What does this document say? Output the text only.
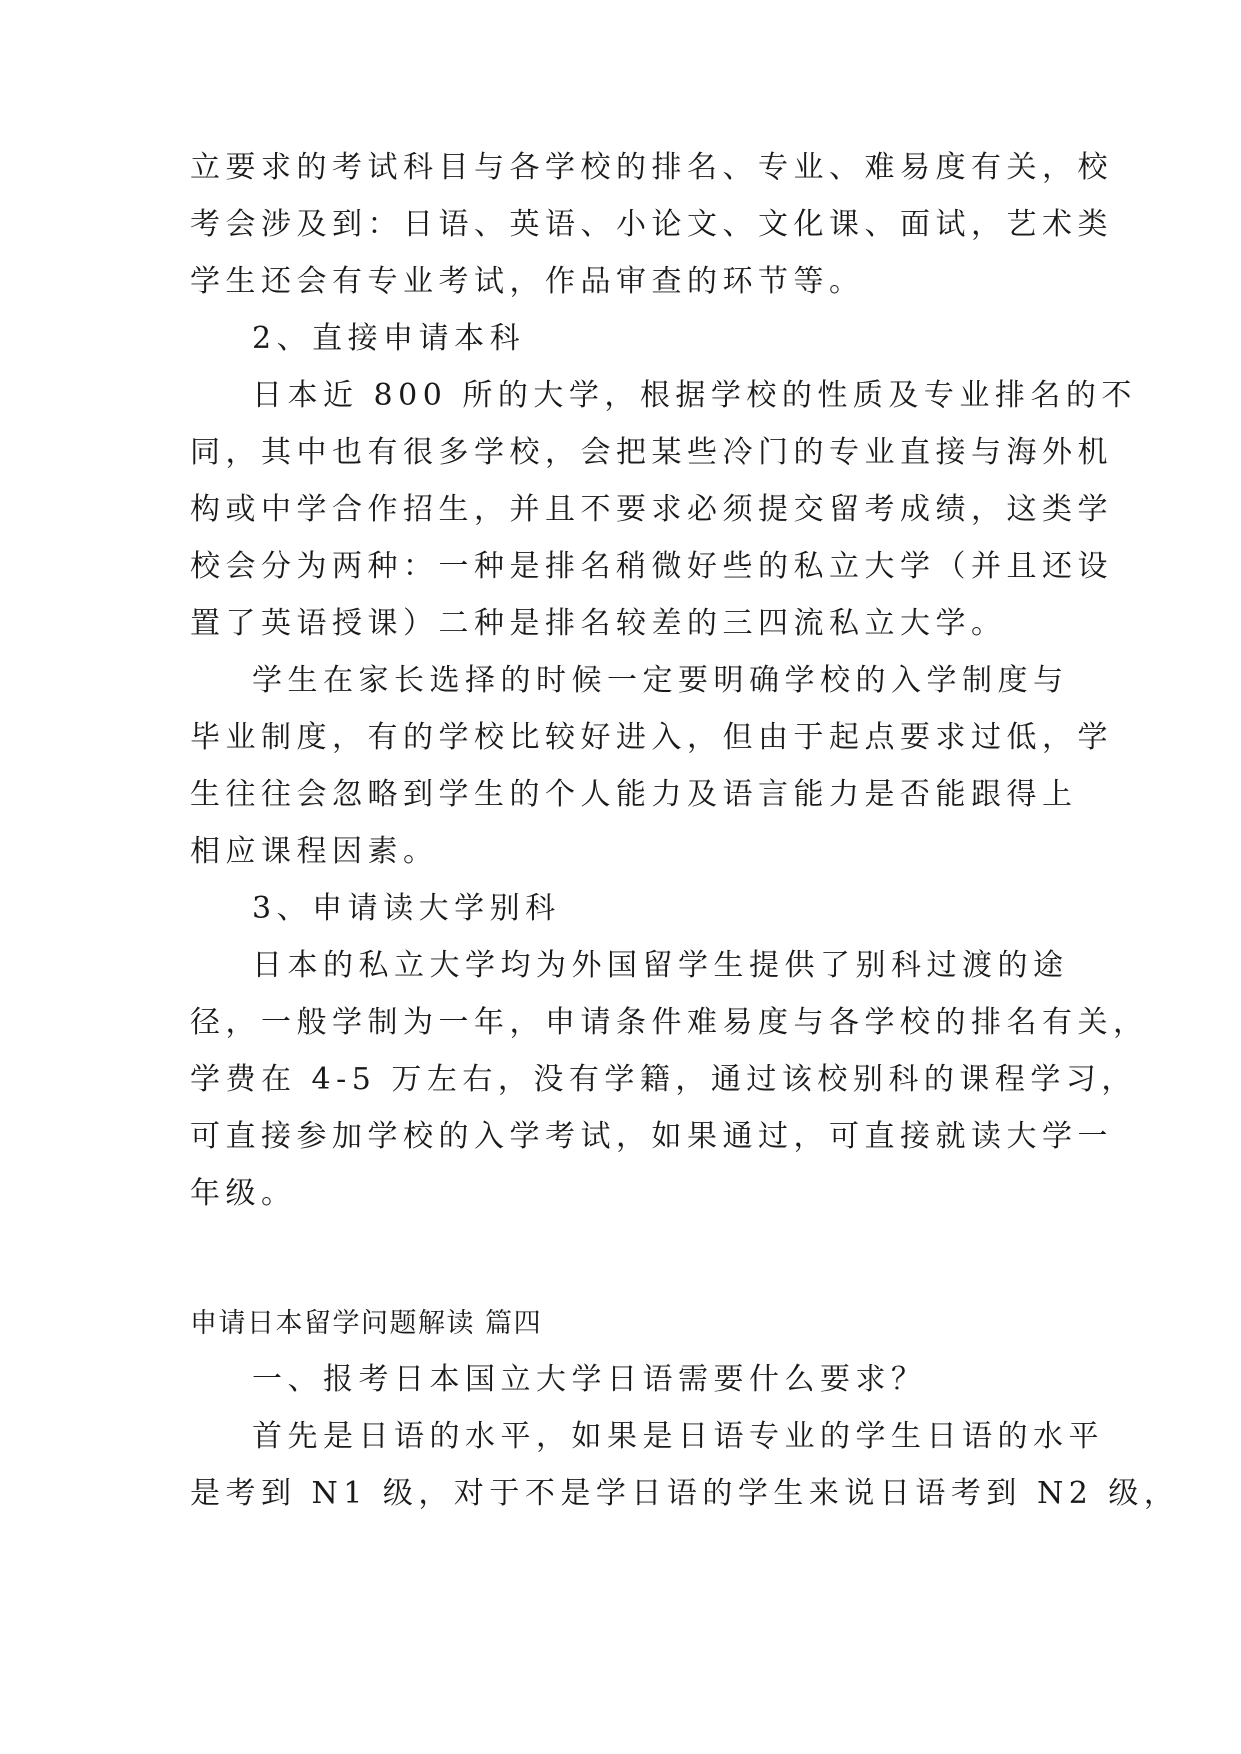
立要求的考试科目与各学校的排名、专业、难易度有关，校
考会涉及到：日语、英语、小论文、文化课、面试，艺术类
学生还会有专业考试，作品审查的环节等。
2、直接申请本科
日本近 800 所的大学，根据学校的性质及专业排名的不
同，其中也有很多学校，会把某些冷门的专业直接与海外机
构或中学合作招生，并且不要求必须提交留考成绩，这类学
校会分为两种：一种是排名稍微好些的私立大学（并且还设
置了英语授课）二种是排名较差的三四流私立大学。
学生在家长选择的时候一定要明确学校的入学制度与
毕业制度，有的学校比较好进入，但由于起点要求过低，学
生往往会忽略到学生的个人能力及语言能力是否能跟得上
相应课程因素。
3、申请读大学别科
日本的私立大学均为外国留学生提供了别科过渡的途
径，一般学制为一年，申请条件难易度与各学校的排名有关，
学费在 4-5 万左右，没有学籍，通过该校别科的课程学习，
可直接参加学校的入学考试，如果通过，可直接就读大学一
年级。
申请日本留学问题解读 篇四
一、报考日本国立大学日语需要什么要求？
首先是日语的水平，如果是日语专业的学生日语的水平
是考到 N1 级，对于不是学日语的学生来说日语考到 N2 级，
